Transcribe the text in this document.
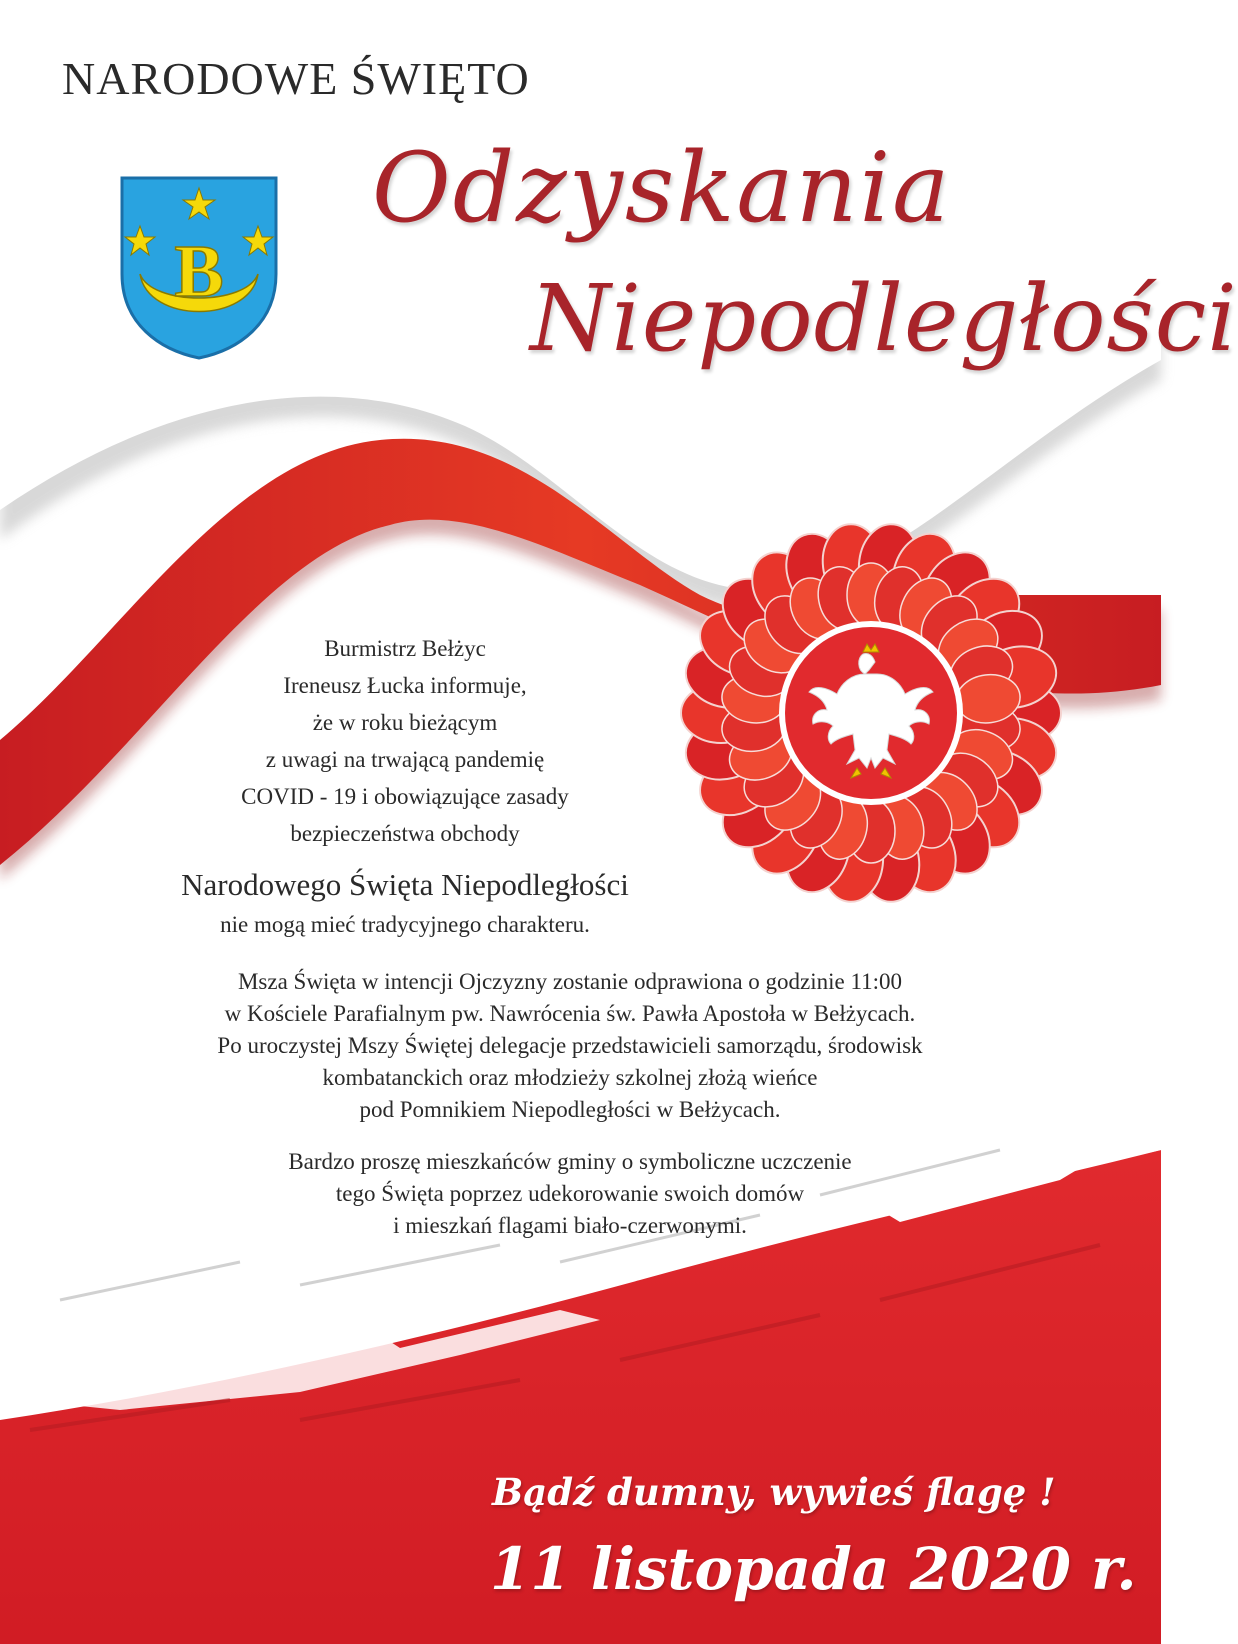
NARODOWE ŚWIĘTO
Odzyskania
Niepodległości
B
Burmistrz Bełżyc
Ireneusz Łucka informuje,
że w roku bieżącym
z uwagi na trwającą pandemię
COVID - 19 i obowiązujące zasady
bezpieczeństwa obchody
Narodowego Święta Niepodległości
nie mogą mieć tradycyjnego charakteru.
Msza Święta w intencji Ojczyzny zostanie odprawiona o godzinie 11:00
w Kościele Parafialnym pw. Nawrócenia św. Pawła Apostoła w Bełżycach.
Po uroczystej Mszy Świętej delegacje przedstawicieli samorządu, środowisk
kombatanckich oraz młodzieży szkolnej złożą wieńce
pod Pomnikiem Niepodległości w Bełżycach.
Bardzo proszę mieszkańców gminy o symboliczne uczczenie
tego Święta poprzez udekorowanie swoich domów
i mieszkań flagami biało-czerwonymi.
Bądź dumny, wywieś flagę !
11 listopada 2020 r.
